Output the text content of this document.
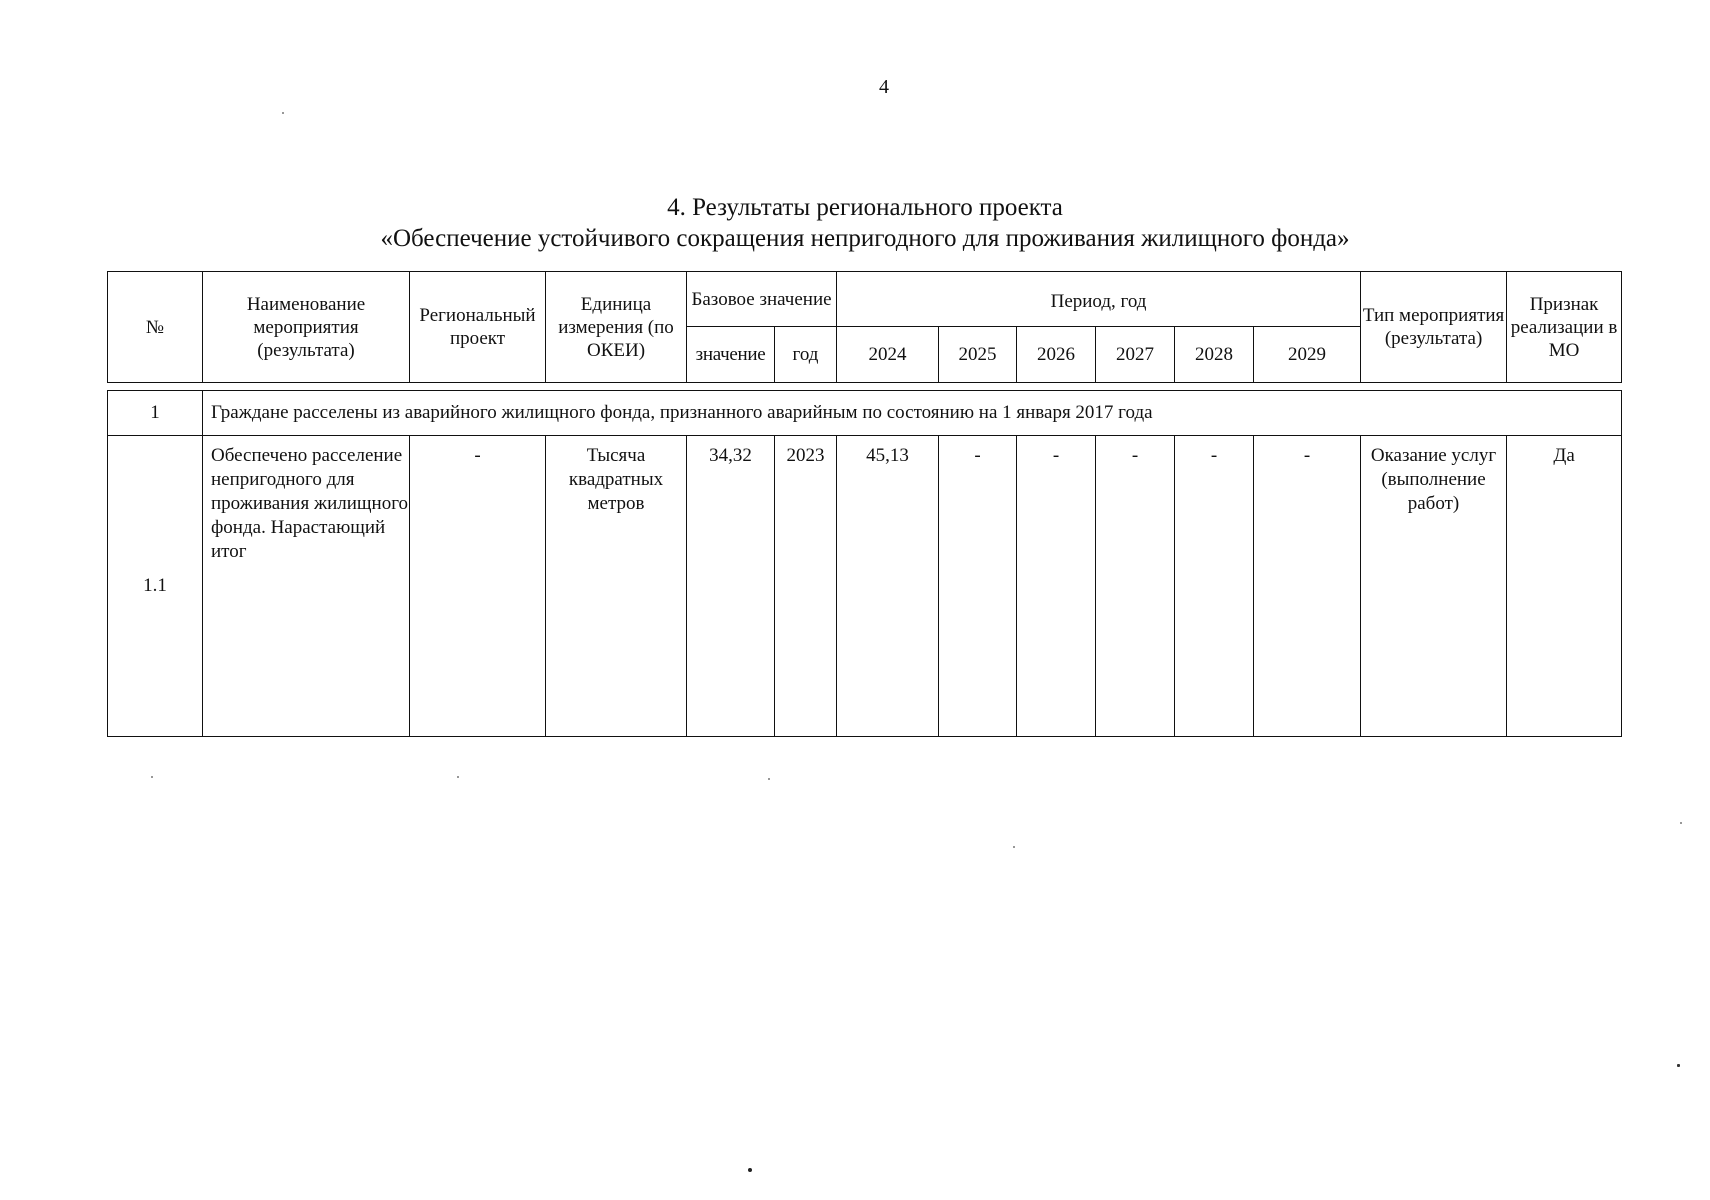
4
4. Результаты регионального проекта
«Обеспечение устойчивого сокращения непригодного для проживания жилищного фонда»
№	Наименование мероприятия (результата)	Региональный проект	Единица измерения (по ОКЕИ)	Базовое значение		Период, год						Тип мероприятия (результата)	Признак реализации в МО
				значение	год	2024	2025	2026	2027	2028	2029		
1	Граждане расселены из аварийного жилищного фонда, признанного аварийным по состоянию на 1 января 2017 года												
1.1	Обеспечено расселение непригодного для проживания жилищного фонда. Нарастающий итог	-	Тысяча квадратных метров	34,32	2023	45,13	-	-	-	-	-	Оказание услуг (выполнение работ)	Да
